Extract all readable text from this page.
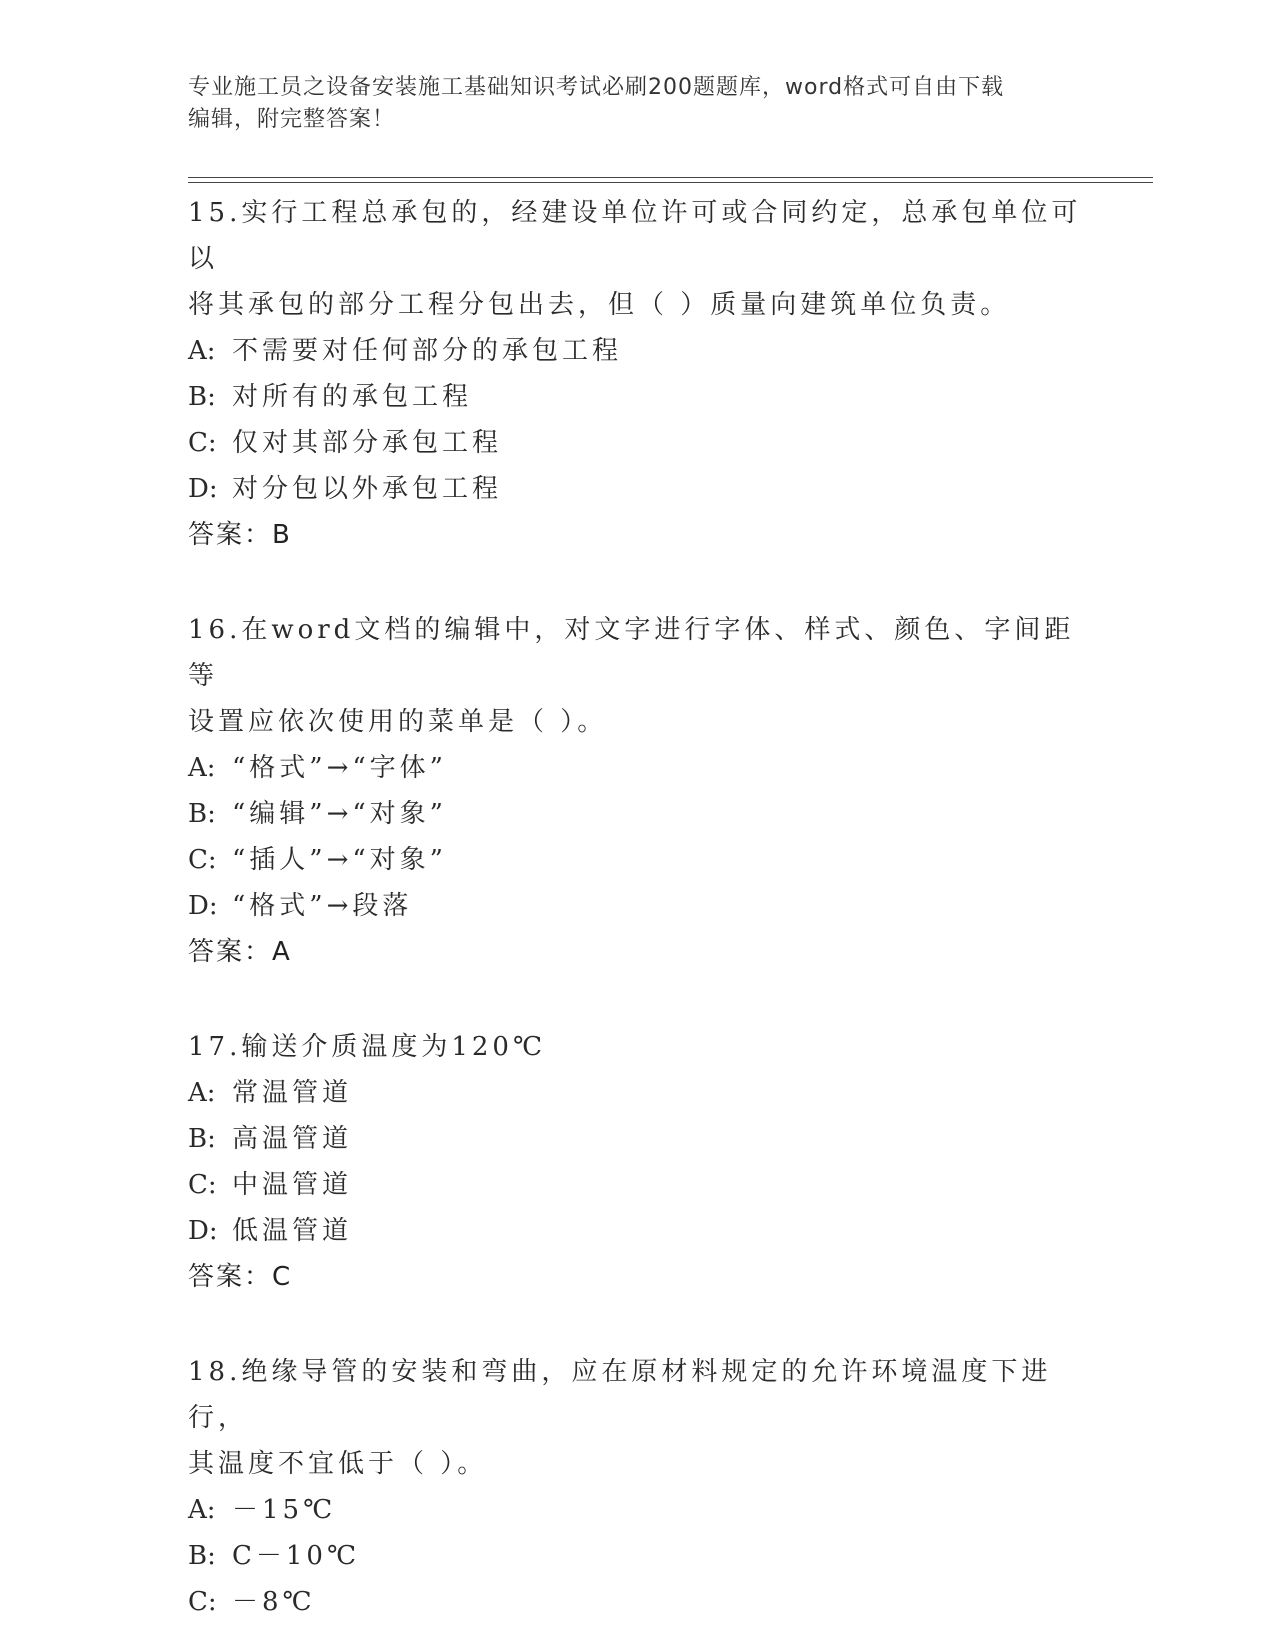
专业施工员之设备安装施工基础知识考试必刷200题题库，word格式可自由下载
编辑，附完整答案！

15.实行工程总承包的，经建设单位许可或合同约定，总承包单位可以

将其承包的部分工程分包出去，但（ ）质量向建筑单位负责。

A: 不需要对任何部分的承包工程

B: 对所有的承包工程

C: 仅对其部分承包工程

D: 对分包以外承包工程

答案：B

16.在word文档的编辑中，对文字进行字体、样式、颜色、字间距等

设置应依次使用的菜单是（ ）。

A: “格式”→“字体”

B: “编辑”→“对象”

C: “插人”→“对象”

D: “格式”→段落

答案：A

17.输送介质温度为120℃

A: 常温管道

B: 高温管道

C: 中温管道

D: 低温管道

答案：C

18.绝缘导管的安装和弯曲，应在原材料规定的允许环境温度下进行，

其温度不宜低于（ ）。

A: －15℃

B: C－10℃

C: －8℃
